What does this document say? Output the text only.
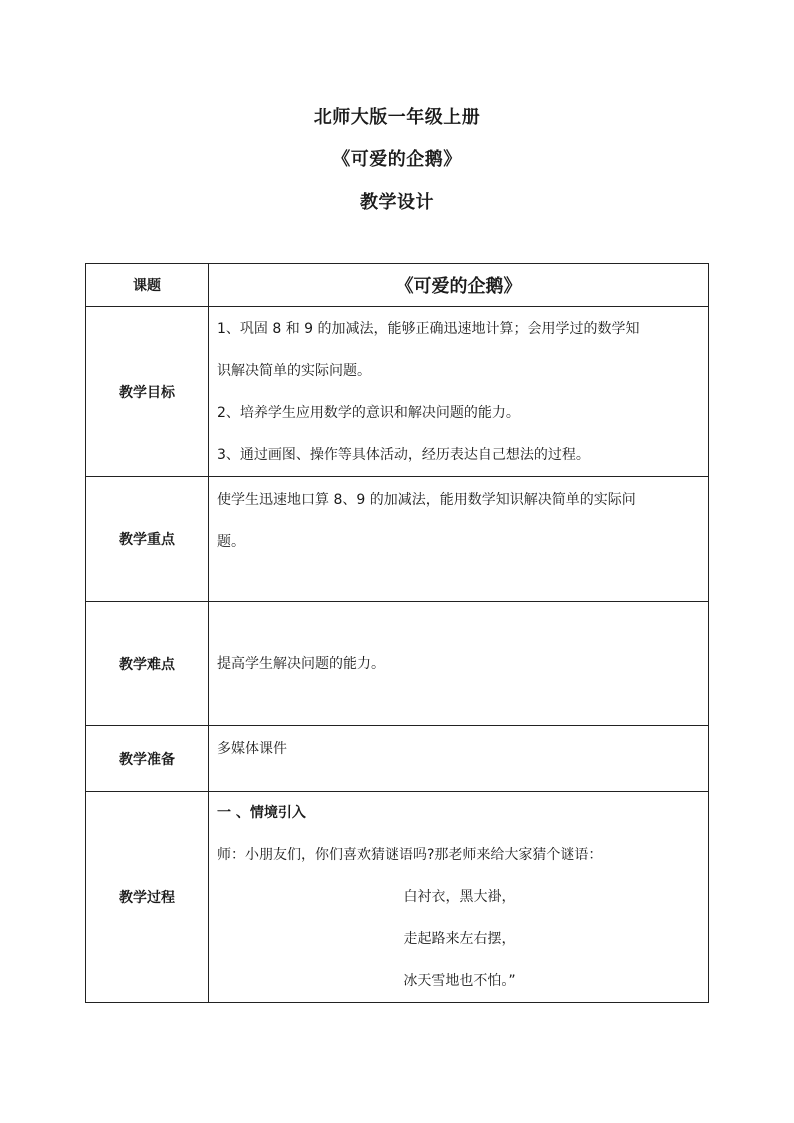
北师大版一年级上册
《可爱的企鹅》
教学设计
课题	《可爱的企鹅》
教学目标	1、巩固 8 和 9 的加减法，能够正确迅速地计算；会用学过的数学知

识解决简单的实际问题。

2、培养学生应用数学的意识和解决问题的能力。

3、通过画图、操作等具体活动，经历表达自己想法的过程。

教学重点	使学生迅速地口算 8、9 的加减法，能用数学知识解决简单的实际问

题。

教学难点	提高学生解决问题的能力。

教学准备	多媒体课件

教学过程	一 、情境引入

师：小朋友们，你们喜欢猜谜语吗?那老师来给大家猜个谜语：

白衬衣，黑大褂，

走起路来左右摆，

冰天雪地也不怕。”
